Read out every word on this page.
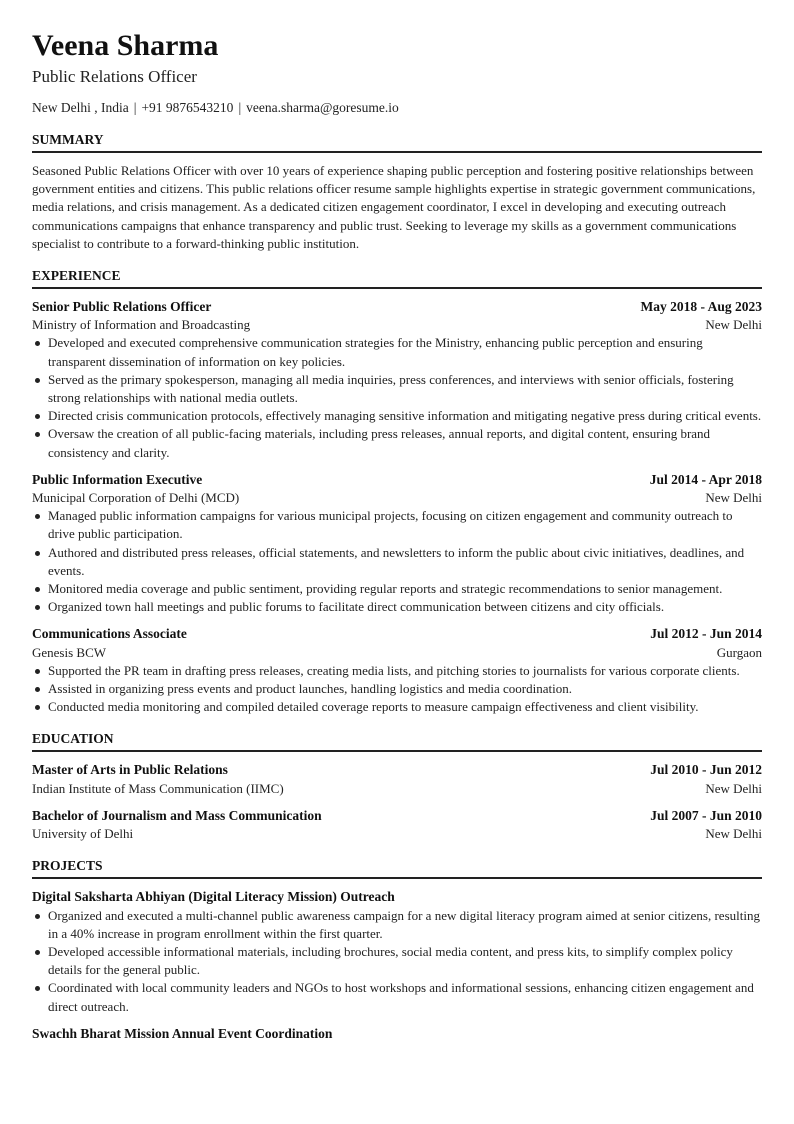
Veena Sharma
Public Relations Officer
New Delhi , India | +91 9876543210 | veena.sharma@goresume.io
SUMMARY
Seasoned Public Relations Officer with over 10 years of experience shaping public perception and fostering positive relationships between government entities and citizens. This public relations officer resume sample highlights expertise in strategic government communications, media relations, and crisis management. As a dedicated citizen engagement coordinator, I excel in developing and executing outreach communications campaigns that enhance transparency and public trust. Seeking to leverage my skills as a government communications specialist to contribute to a forward-thinking public institution.
EXPERIENCE
Senior Public Relations Officer	May 2018 - Aug 2023
Ministry of Information and Broadcasting	New Delhi
Developed and executed comprehensive communication strategies for the Ministry, enhancing public perception and ensuring transparent dissemination of information on key policies.
Served as the primary spokesperson, managing all media inquiries, press conferences, and interviews with senior officials, fostering strong relationships with national media outlets.
Directed crisis communication protocols, effectively managing sensitive information and mitigating negative press during critical events.
Oversaw the creation of all public-facing materials, including press releases, annual reports, and digital content, ensuring brand consistency and clarity.
Public Information Executive	Jul 2014 - Apr 2018
Municipal Corporation of Delhi (MCD)	New Delhi
Managed public information campaigns for various municipal projects, focusing on citizen engagement and community outreach to drive public participation.
Authored and distributed press releases, official statements, and newsletters to inform the public about civic initiatives, deadlines, and events.
Monitored media coverage and public sentiment, providing regular reports and strategic recommendations to senior management.
Organized town hall meetings and public forums to facilitate direct communication between citizens and city officials.
Communications Associate	Jul 2012 - Jun 2014
Genesis BCW	Gurgaon
Supported the PR team in drafting press releases, creating media lists, and pitching stories to journalists for various corporate clients.
Assisted in organizing press events and product launches, handling logistics and media coordination.
Conducted media monitoring and compiled detailed coverage reports to measure campaign effectiveness and client visibility.
EDUCATION
Master of Arts in Public Relations	Jul 2010 - Jun 2012
Indian Institute of Mass Communication (IIMC)	New Delhi
Bachelor of Journalism and Mass Communication	Jul 2007 - Jun 2010
University of Delhi	New Delhi
PROJECTS
Digital Saksharta Abhiyan (Digital Literacy Mission) Outreach
Organized and executed a multi-channel public awareness campaign for a new digital literacy program aimed at senior citizens, resulting in a 40% increase in program enrollment within the first quarter.
Developed accessible informational materials, including brochures, social media content, and press kits, to simplify complex policy details for the general public.
Coordinated with local community leaders and NGOs to host workshops and informational sessions, enhancing citizen engagement and direct outreach.
Swachh Bharat Mission Annual Event Coordination
